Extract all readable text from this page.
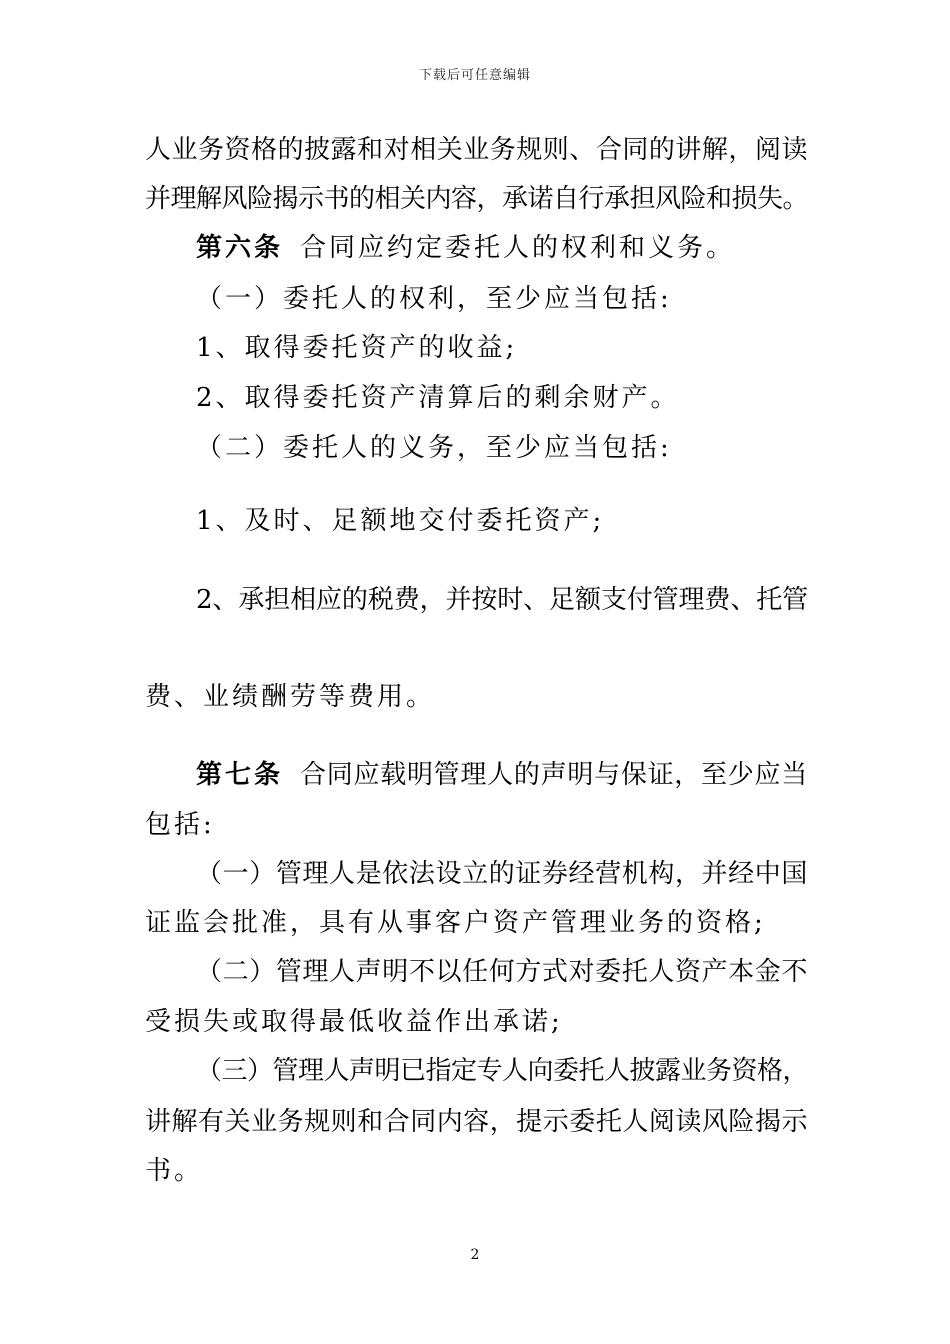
下载后可任意编辑
人业务资格的披露和对相关业务规则、合同的讲解，阅读
并理解风险揭示书的相关内容，承诺自行承担风险和损失。
第六条 合同应约定委托人的权利和义务。
（一）委托人的权利，至少应当包括:
1、取得委托资产的收益;
2、取得委托资产清算后的剩余财产。
（二）委托人的义务，至少应当包括:
1、及时、足额地交付委托资产;
2、承担相应的税费，并按时、足额支付管理费、托管
费、业绩酬劳等费用。
第七条 合同应载明管理人的声明与保证，至少应当
包括:
（一）管理人是依法设立的证券经营机构，并经中国
证监会批准，具有从事客户资产管理业务的资格;
（二）管理人声明不以任何方式对委托人资产本金不
受损失或取得最低收益作出承诺;
（三）管理人声明已指定专人向委托人披露业务资格，
讲解有关业务规则和合同内容，提示委托人阅读风险揭示
书。
2
